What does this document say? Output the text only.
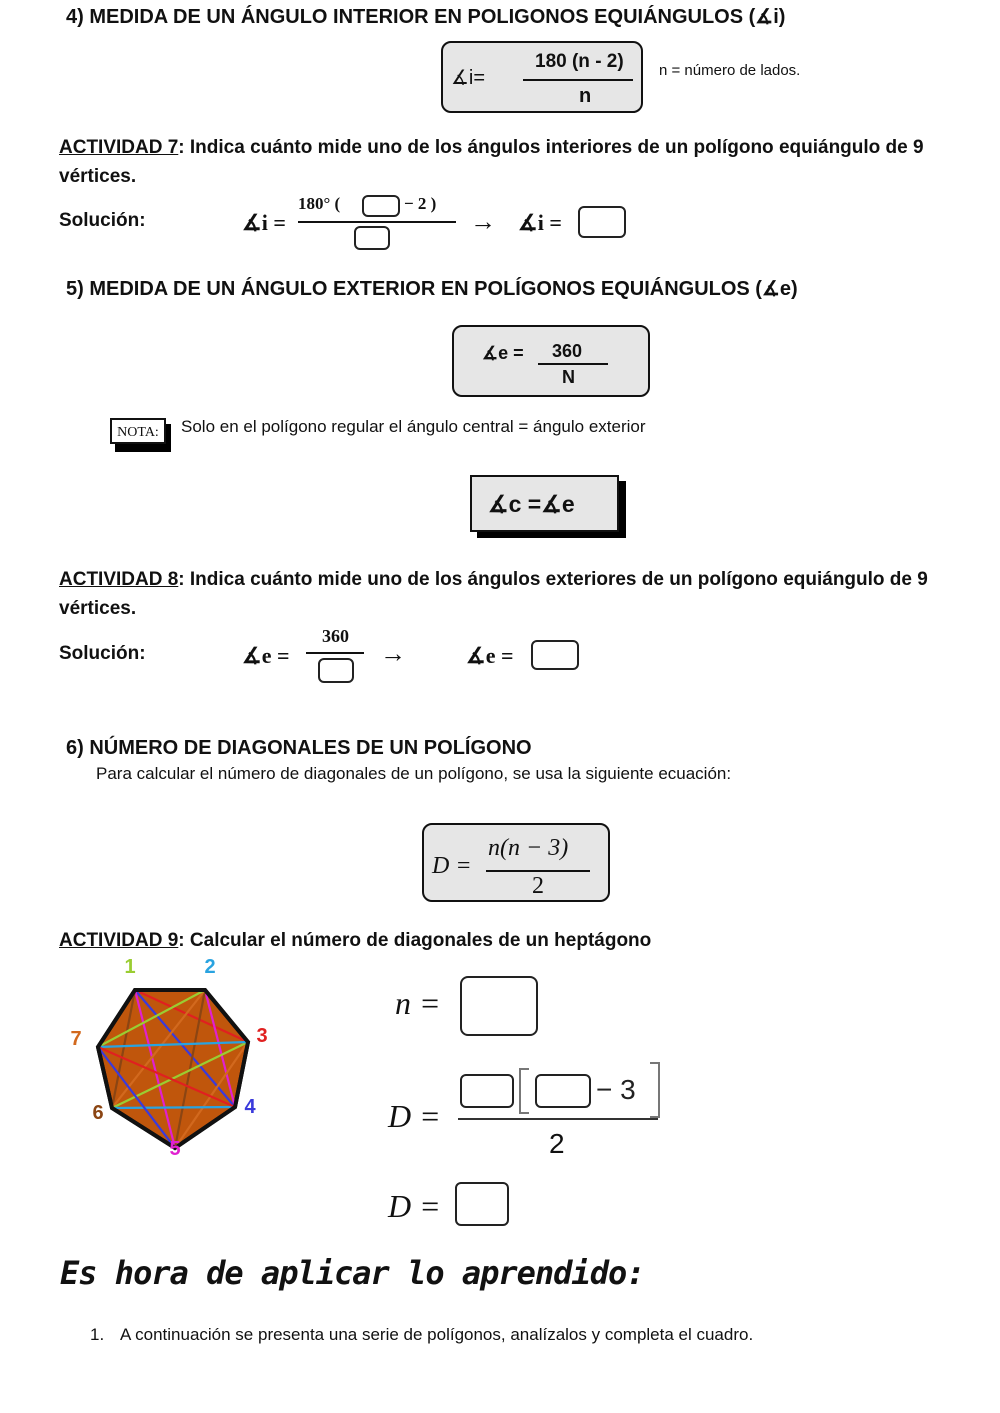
4) MEDIDA DE UN ÁNGULO INTERIOR EN POLIGONOS EQUIÁNGULOS (∡i)
∡i=
180 (n - 2)
n
n = número de lados.
ACTIVIDAD 7: Indica cuánto mide uno de los ángulos interiores de un polígono equiángulo de 9 vértices.
Solución:	∡i =
180° (	− 2 )
→ ∡i =
5) MEDIDA DE UN ÁNGULO EXTERIOR EN POLÍGONOS EQUIÁNGULOS (∡e)
∡e = 360
N
NOTA:	Solo en el polígono regular el ángulo central = ángulo exterior
∡c =∡e
ACTIVIDAD 8: Indica cuánto mide uno de los ángulos exteriores de un polígono equiángulo de 9 vértices.
Solución:	∡e =
360
→	∡e =
6) NÚMERO DE DIAGONALES DE UN POLÍGONO
Para calcular el número de diagonales de un polígono, se usa la siguiente ecuación:
D =
n(n − 3)
2
ACTIVIDAD 9: Calcular el número de diagonales de un heptágono
1	2
3
4
5
6
7
n =
D =
− 3
2
D =
Es hora de aplicar lo aprendido:
1. A continuación se presenta una serie de polígonos, analízalos y completa el cuadro.
